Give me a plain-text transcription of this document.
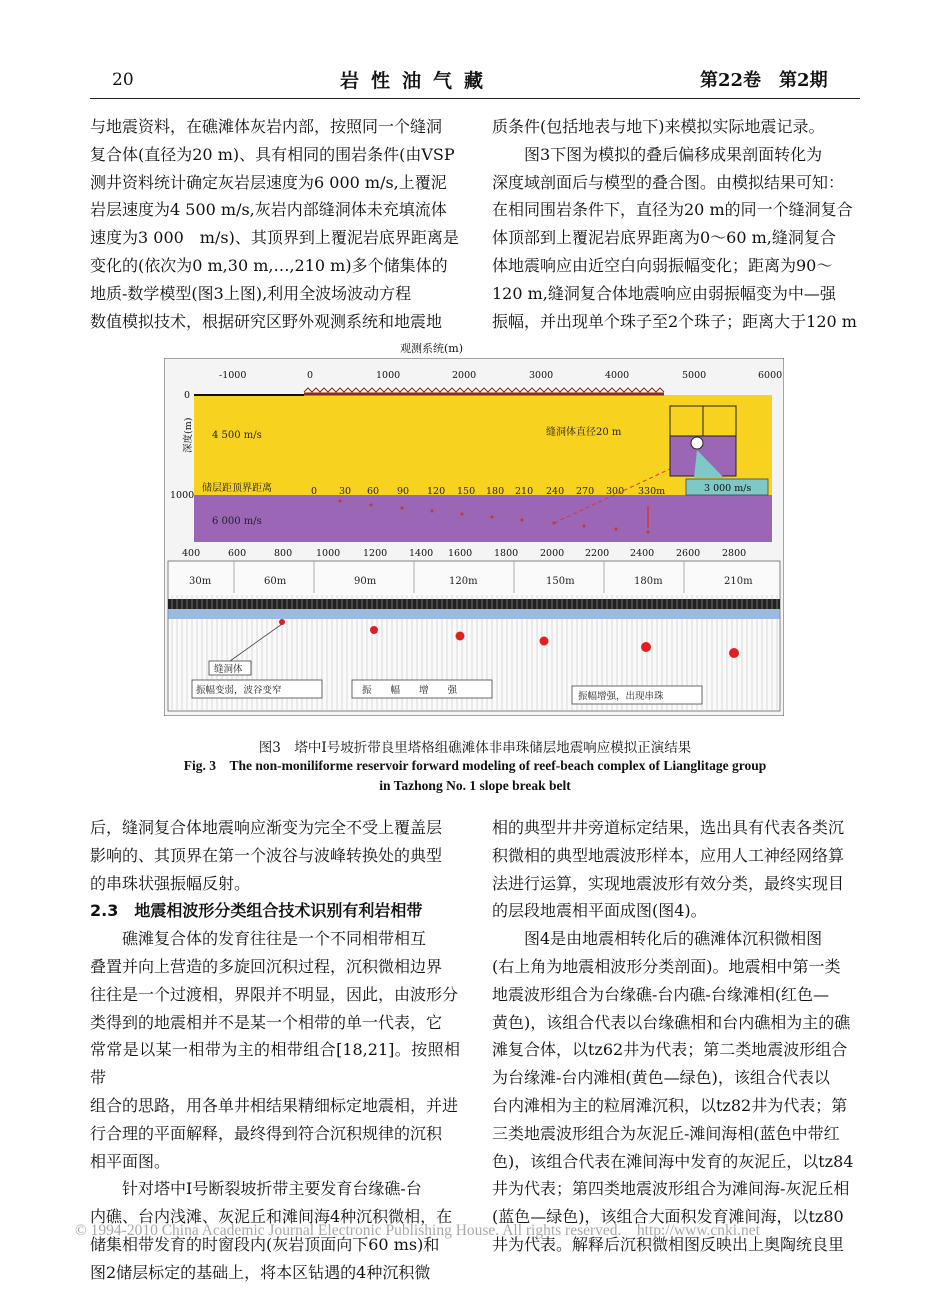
20	岩性油气藏	第22卷　第2期

与地震资料，在礁滩体灰岩内部，按照同一个缝洞

复合体(直径为20 m)、具有相同的围岩条件(由VSP

测井资料统计确定灰岩层速度为6 000 m/s,上覆泥

岩层速度为4 500 m/s,灰岩内部缝洞体未充填流体

速度为3 000　m/s)、其顶界到上覆泥岩底界距离是

变化的(依次为0 m,30 m,…,210 m)多个储集体的

地质-数学模型(图3上图),利用全波场波动方程

数值模拟技术，根据研究区野外观测系统和地震地

质条件(包括地表与地下)来模拟实际地震记录。

　　图3下图为模拟的叠后偏移成果剖面转化为

深度域剖面后与模型的叠合图。由模拟结果可知：

在相同围岩条件下，直径为20 m的同一个缝洞复合

体顶部到上覆泥岩底界距离为0～60 m,缝洞复合

体地震响应由近空白向弱振幅变化；距离为90～

120 m,缝洞复合体地震响应由弱振幅变为中—强

振幅，并出现单个珠子至2个珠子；距离大于120 m

观测系统(m)
-1000	0	1000	2000	3000	4000	5000	6000
0
1000
深度(m) 4 500 m/s
6 000 m/s
缝洞体直径20 m
储层距顶界距离	0 30 60 90 120 150 180 210 240 270 300 330m	3 000 m/s
400	600	800	1000 1200 1400 1600 1800 2000 2200 2400 2600 2800
30m	60m	90m	120m	150m	180m	210m
缝洞体
振幅变弱，波谷变窄	振　　幅　　增　　强
振幅增强，出现串珠
图3　塔中Ⅰ号坡折带良里塔格组礁滩体非串珠储层地震响应模拟正演结果
Fig. 3　The non-moniliforme reservoir forward modeling of reef-beach complex of Lianglitage group
in Tazhong No. 1 slope break belt

后，缝洞复合体地震响应渐变为完全不受上覆盖层

影响的、其顶界在第一个波谷与波峰转换处的典型

的串珠状强振幅反射。

2.3　地震相波形分类组合技术识别有利岩相带

　　礁滩复合体的发育往往是一个不同相带相互

叠置并向上营造的多旋回沉积过程，沉积微相边界

往往是一个过渡相，界限并不明显，因此，由波形分

类得到的地震相并不是某一个相带的单一代表，它

常常是以某一相带为主的相带组合[18,21]。按照相带

组合的思路，用各单井相结果精细标定地震相，并进

行合理的平面解释，最终得到符合沉积规律的沉积

相平面图。

　　针对塔中Ⅰ号断裂坡折带主要发育台缘礁-台

内礁、台内浅滩、灰泥丘和滩间海4种沉积微相，在

储集相带发育的时窗段内(灰岩顶面向下60 ms)和

图2储层标定的基础上，将本区钻遇的4种沉积微

相的典型井井旁道标定结果，选出具有代表各类沉

积微相的典型地震波形样本，应用人工神经网络算

法进行运算，实现地震波形有效分类，最终实现目

的层段地震相平面成图(图4)。

　　图4是由地震相转化后的礁滩体沉积微相图

(右上角为地震相波形分类剖面)。地震相中第一类

地震波形组合为台缘礁-台内礁-台缘滩相(红色—

黄色)，该组合代表以台缘礁相和台内礁相为主的礁

滩复合体，以tz62井为代表；第二类地震波形组合

为台缘滩-台内滩相(黄色—绿色)，该组合代表以

台内滩相为主的粒屑滩沉积，以tz82井为代表；第

三类地震波形组合为灰泥丘-滩间海相(蓝色中带红

色)，该组合代表在滩间海中发育的灰泥丘，以tz84

井为代表；第四类地震波形组合为滩间海-灰泥丘相

(蓝色—绿色)，该组合大面积发育滩间海，以tz80

井为代表。解释后沉积微相图反映出上奥陶统良里

© 1994-2010 China Academic Journal Electronic Publishing House. All rights reserved.　http://www.cnki.net
